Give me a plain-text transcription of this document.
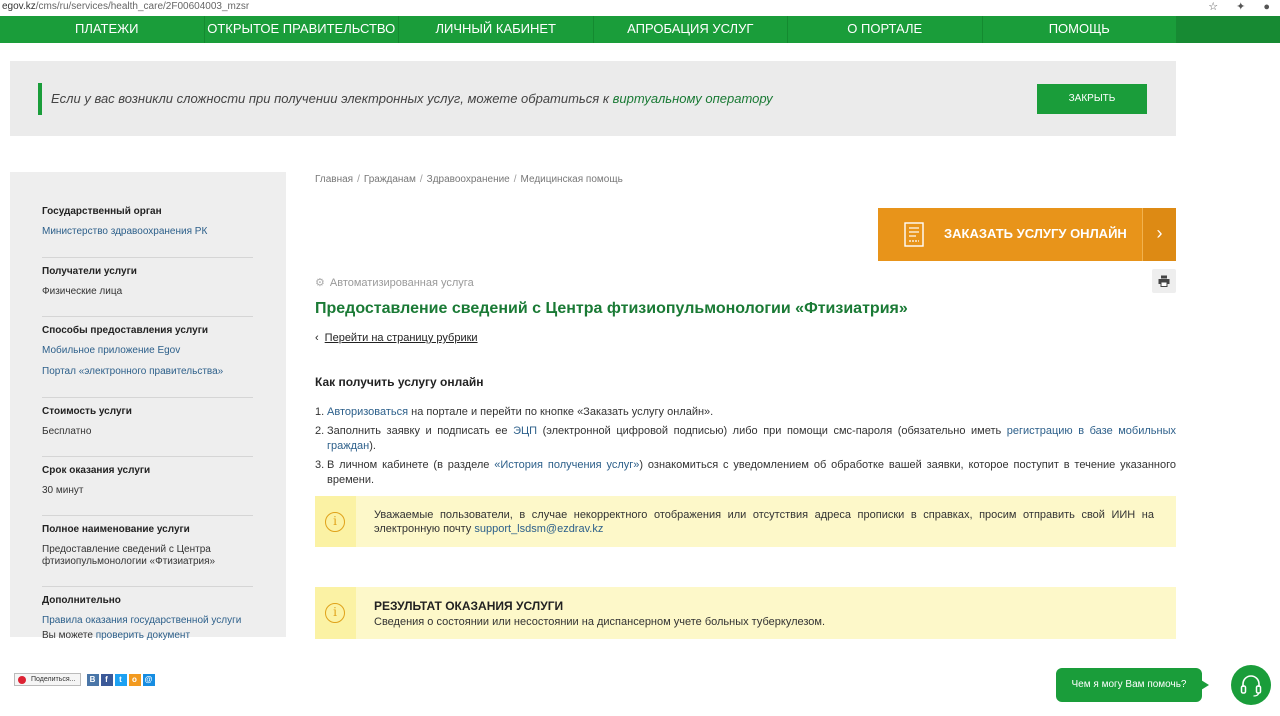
egov.kz/cms/ru/services/health_care/2F00604003_mzsr	☆ ✦ ●
ПЛАТЕЖИ	ОТКРЫТОЕ ПРАВИТЕЛЬСТВО	ЛИЧНЫЙ КАБИНЕТ	АПРОБАЦИЯ УСЛУГ	О ПОРТАЛЕ	ПОМОЩЬ
Если у вас возникли сложности при получении электронных услуг, можете обратиться к виртуальному оператору	ЗАКРЫТЬ
Государственный орган
Министерство здравоохранения РК
Получатели услуги
Физические лица
Способы предоставления услуги
Мобильное приложение Egov
Портал «электронного правительства»
Стоимость услуги
Бесплатно
Срок оказания услуги
30 минут
Полное наименование услуги
Предоставление сведений с Центра фтизиопульмонологии «Фтизиатрия»
Дополнительно
Правила оказания государственной услуги
Вы можете проверить документ
Главная / Гражданам / Здравоохранение / Медицинская помощь
ЗАКАЗАТЬ УСЛУГУ ОНЛАЙН	›
⚙ Автоматизированная услуга
Предоставление сведений с Центра фтизиопульмонологии «Фтизиатрия»
‹ Перейти на страницу рубрики
Как получить услугу онлайн
1. Авторизоваться на портале и перейти по кнопке «Заказать услугу онлайн».
2. Заполнить заявку и подписать ее ЭЦП (электронной цифровой подписью) либо при помощи смс-пароля (обязательно иметь регистрацию в базе мобильных граждан).
3. В личном кабинете (в разделе «История получения услуг») ознакомиться с уведомлением об обработке вашей заявки, которое поступит в течение указанного времени.
i	Уважаемые пользователи, в случае некорректного отображения или отсутствия адреса прописки в справках, просим отправить свой ИИН на электронную почту support_lsdsm@ezdrav.kz
i	РЕЗУЛЬТАТ ОКАЗАНИЯ УСЛУГИ
Сведения о состоянии или несостоянии на диспансерном учете больных туберкулезом.
Поделиться...	В	f	t	о @	Чем я могу Вам помочь?
